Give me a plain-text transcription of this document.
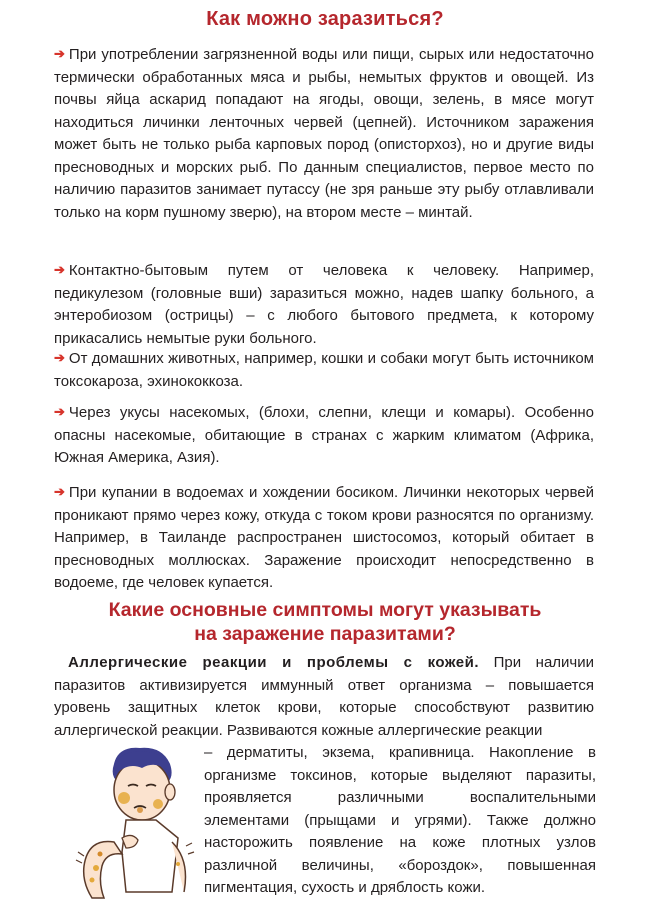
Как можно заразиться?
➔ При употреблении загрязненной воды или пищи, сырых или недостаточно термически обработанных мяса и рыбы, немытых фруктов и овощей. Из почвы яйца аскарид попадают на ягоды, овощи, зелень, в мясе могут находиться личинки ленточных червей (цепней). Источником заражения может быть не только рыба карповых пород (описторхоз), но и другие виды пресноводных и морских рыб. По данным специалистов, первое место по наличию паразитов занимает путассу (не зря раньше эту рыбу отлавливали только на корм пушному зверю), на втором месте – минтай.
➔ Контактно-бытовым путем от человека к человеку. Например, педикулезом (головные вши) заразиться можно, надев шапку больного, а энтеробиозом (острицы) – с любого бытового предмета, к которому прикасались немытые руки больного.
➔ От домашних животных, например, кошки и собаки могут быть источником токсокароза, эхинококкоза.
➔ Через укусы насекомых, (блохи, слепни, клещи и комары). Особенно опасны насекомые, обитающие в странах с жарким климатом (Африка, Южная Америка, Азия).
➔ При купании в водоемах и хождении босиком. Личинки некоторых червей проникают прямо через кожу, откуда с током крови разносятся по организму. Например, в Таиланде распространен шистосомоз, который обитает в пресноводных моллюсках. Заражение происходит непосредственно в водоеме, где человек купается.
Какие основные симптомы могут указывать
на заражение паразитами?
Аллергические реакции и проблемы с кожей. При наличии паразитов активизируется иммунный ответ организма – повышается уровень защитных клеток крови, которые способствуют развитию аллергической реакции. Развиваются кожные аллергические реакции
– дерматиты, экзема, крапивница. Накопление в организме токсинов, которые выделяют паразиты, проявляется различными воспалительными элементами (прыщами и угрями). Также должно насторожить появление на коже плотных узлов различной величины, «бороздок», повышенная пигментация, сухость и дряблость кожи.
